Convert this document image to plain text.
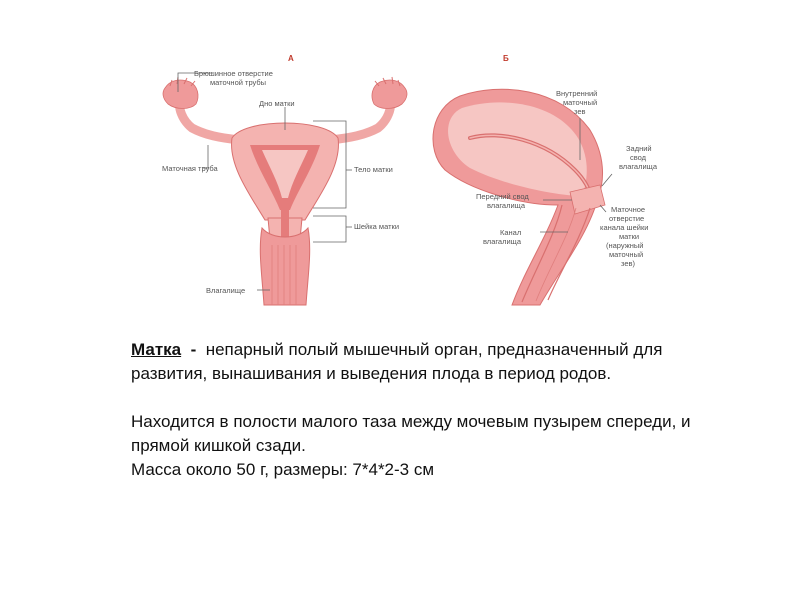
А
Брюшинное отверстие
маточной трубы
Дно матки
Маточная труба	Тело матки
Шейка матки
Влагалище
Б
Внутренний
маточный
зев
Задний
свод
влагалища
Передний свод
влагалища
Канал
влагалища
Маточное
отверстие
канала шейки
матки
(наружный
маточный
зев)

Матка - непарный полый мышечный орган, предназначенный для развития, вынашивания и выведения плода в период родов.

Находится в полости малого таза между мочевым пузырем спереди, и прямой кишкой сзади.

Масса около 50 г, размеры: 7*4*2-3 см
